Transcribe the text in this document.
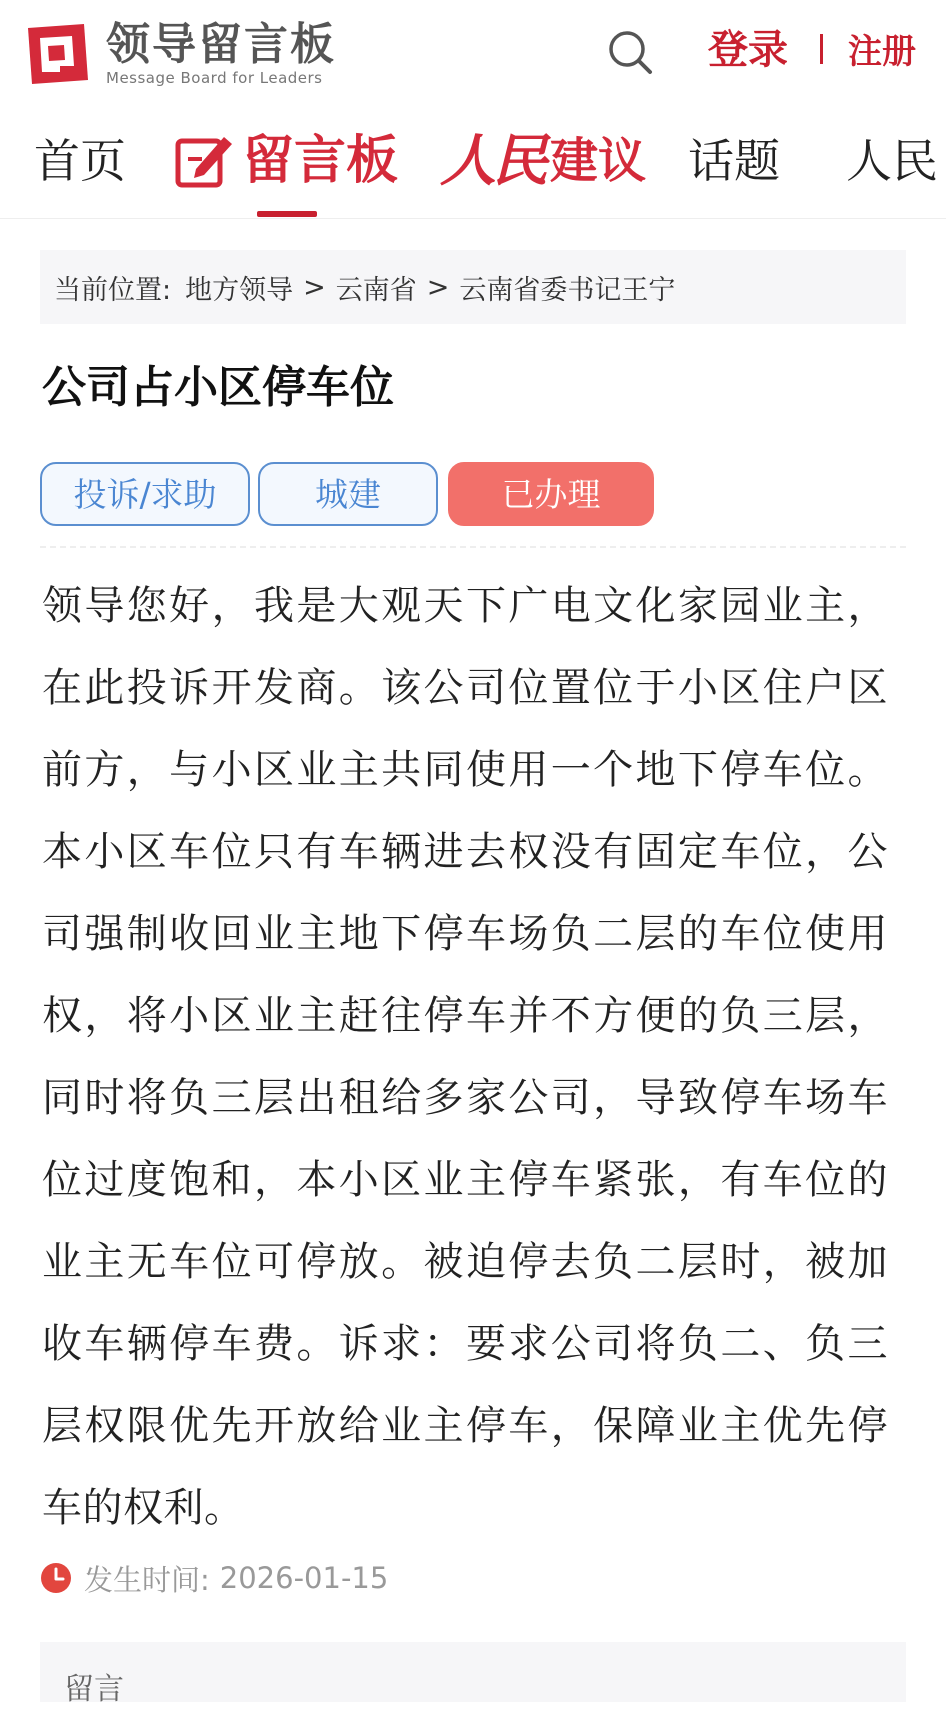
领导留言板
Message Board for Leaders
登录 注册
首页 留言板 人民 建议 话题 人民
当前位置: 地方领导 > 云南省 > 云南省委书记王宁
公司占小区停车位
投诉/求助	城建	已办理
领导您好，我是大观天下广电文化家园业主，在此投诉开发商。该公司位置位于小区住户区前方，与小区业主共同使用一个地下停车位。本小区车位只有车辆进去权没有固定车位，公司强制收回业主地下停车场负二层的车位使用权，将小区业主赶往停车并不方便的负三层，同时将负三层出租给多家公司，导致停车场车位过度饱和，本小区业主停车紧张，有车位的业主无车位可停放。被迫停去负二层时，被加收车辆停车费。诉求：要求公司将负二、负三层权限优先开放给业主停车，保障业主优先停车的权利。
发生时间: 2026-01-15
留言
